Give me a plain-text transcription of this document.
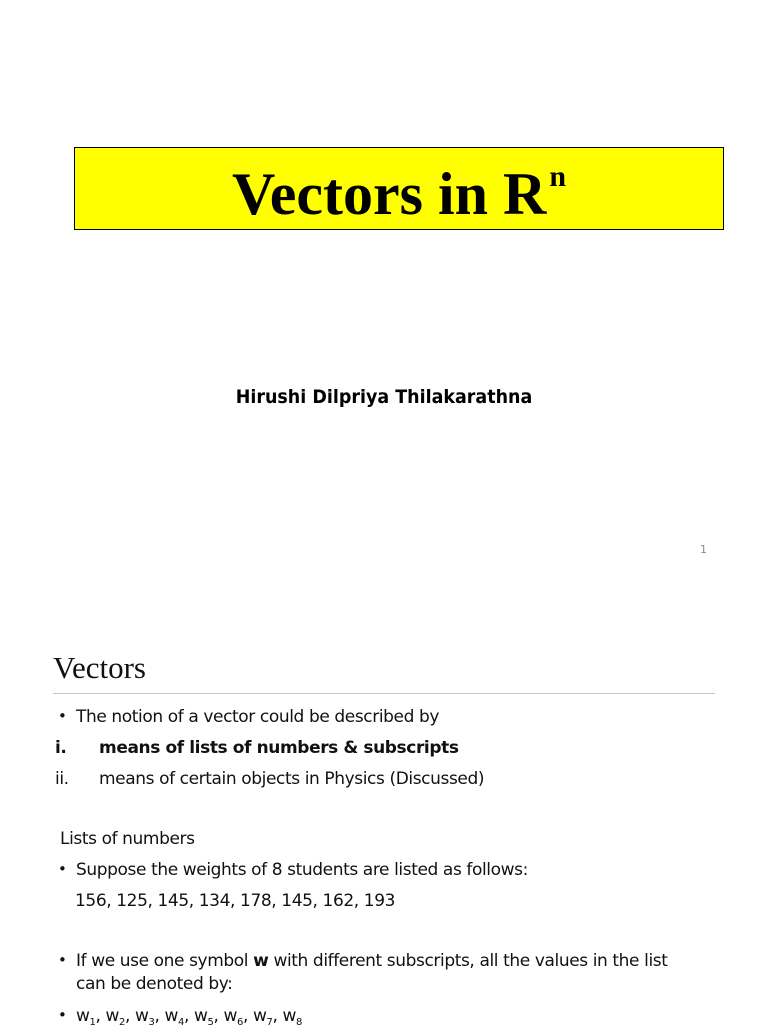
Vectors in R $^n$
Hirushi Dilpriya Thilakarathna
1
Vectors
• The notion of a vector could be described by
i. means of lists of numbers & subscripts
ii. means of certain objects in Physics (Discussed)
Lists of numbers
• Suppose the weights of 8 students are listed as follows:
156, 125, 145, 134, 178, 145, 162, 193
• If we use one symbol w with different subscripts, all the values in the list
can be denoted by:
• $w_1$, $w_2$, $w_3$, $w_4$, $w_5$, $w_6$, $w_7$, $w_8$
